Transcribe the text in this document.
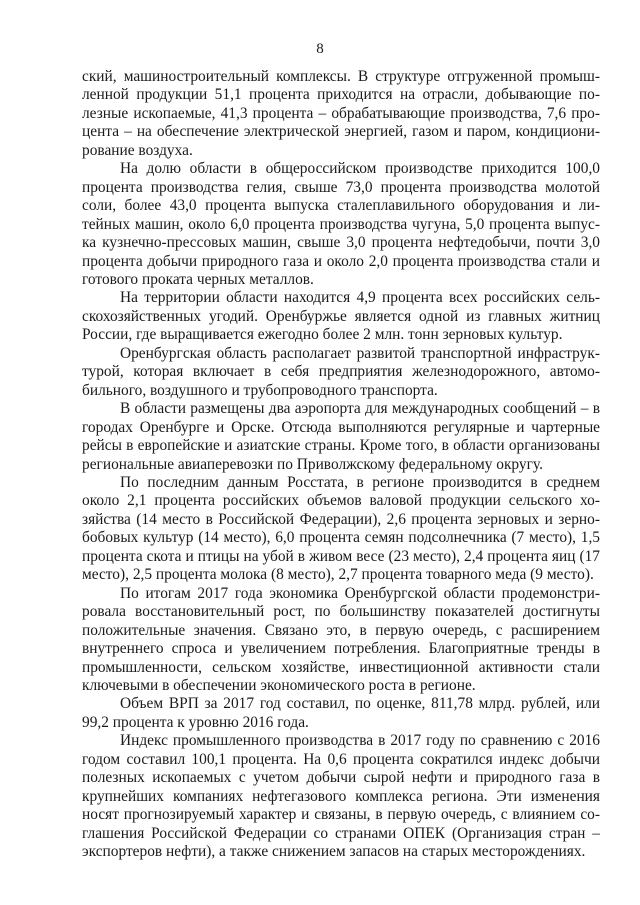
8

ский, машиностроительный комплексы. В структуре отгруженной промышленной продукции 51,1 процента приходится на отрасли, добывающие полезные ископаемые, 41,3 процента – обрабатывающие производства, 7,6 процента – на обеспечение электрической энергией, газом и паром, кондиционирование воздуха.

На долю области в общероссийском производстве приходится 100,0 процента производства гелия, свыше 73,0 процента производства молотой соли, более 43,0 процента выпуска сталеплавильного оборудования и литейных машин, около 6,0 процента производства чугуна, 5,0 процента выпуска кузнечно-прессовых машин, свыше 3,0 процента нефтедобычи, почти 3,0 процента добычи природного газа и около 2,0 процента производства стали и готового проката черных металлов.

На территории области находится 4,9 процента всех российских сельскохозяйственных угодий. Оренбуржье является одной из главных житниц России, где выращивается ежегодно более 2 млн. тонн зерновых культур.

Оренбургская область располагает развитой транспортной инфраструктурой, которая включает в себя предприятия железнодорожного, автомобильного, воздушного и трубопроводного транспорта.

В области размещены два аэропорта для международных сообщений – в городах Оренбурге и Орске. Отсюда выполняются регулярные и чартерные рейсы в европейские и азиатские страны. Кроме того, в области организованы региональные авиаперевозки по Приволжскому федеральному округу.

По последним данным Росстата, в регионе производится в среднем около 2,1 процента российских объемов валовой продукции сельского хозяйства (14 место в Российской Федерации), 2,6 процента зерновых и зернобобовых культур (14 место), 6,0 процента семян подсолнечника (7 место), 1,5 процента скота и птицы на убой в живом весе (23 место), 2,4 процента яиц (17 место), 2,5 процента молока (8 место), 2,7 процента товарного меда (9 место).

По итогам 2017 года экономика Оренбургской области продемонстрировала восстановительный рост, по большинству показателей достигнуты положительные значения. Связано это, в первую очередь, с расширением внутреннего спроса и увеличением потребления. Благоприятные тренды в промышленности, сельском хозяйстве, инвестиционной активности стали ключевыми в обеспечении экономического роста в регионе.

Объем ВРП за 2017 год составил, по оценке, 811,78 млрд. рублей, или 99,2 процента к уровню 2016 года.

Индекс промышленного производства в 2017 году по сравнению с 2016 годом составил 100,1 процента. На 0,6 процента сократился индекс добычи полезных ископаемых с учетом добычи сырой нефти и природного газа в крупнейших компаниях нефтегазового комплекса региона. Эти изменения носят прогнозируемый характер и связаны, в первую очередь, с влиянием соглашения Российской Федерации со странами ОПЕК (Организация стран – экспортеров нефти), а также снижением запасов на старых месторождениях.
